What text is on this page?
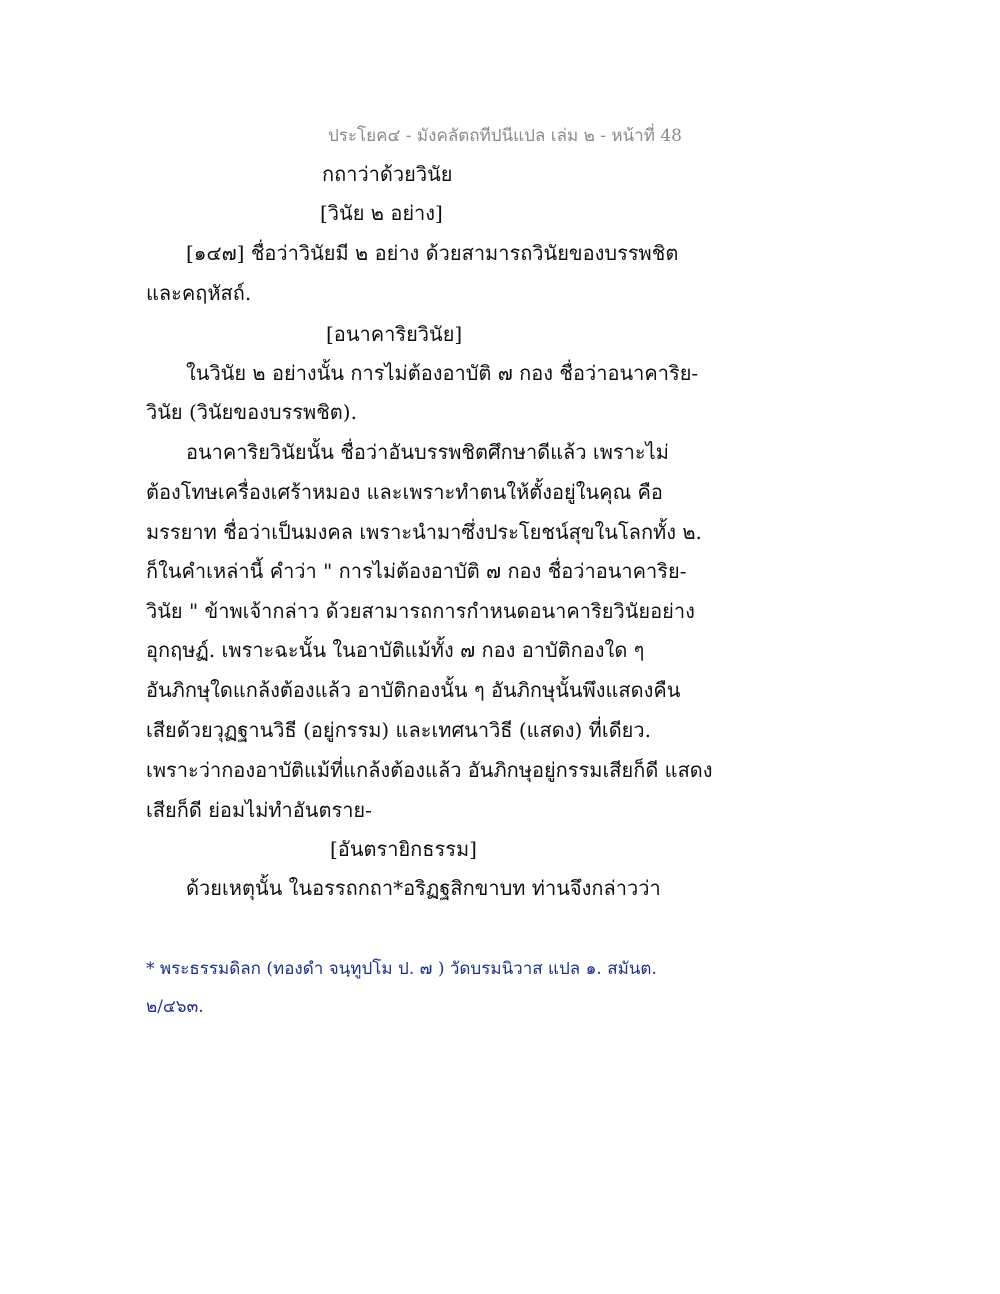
ประโยค๔ - มังคลัตถทีปนีแปล เล่ม ๒ - หน้าที่ 48
กถาว่าด้วยวินัย
[วินัย ๒ อย่าง]
[๑๔๗] ชื่อว่าวินัยมี ๒ อย่าง ด้วยสามารถวินัยของบรรพชิต
และคฤหัสถ์.
[อนาคาริยวินัย]
ในวินัย ๒ อย่างนั้น การไม่ต้องอาบัติ ๗ กอง ชื่อว่าอนาคาริย-
วินัย (วินัยของบรรพชิต).
อนาคาริยวินัยนั้น ชื่อว่าอันบรรพชิตศึกษาดีแล้ว เพราะไม่
ต้องโทษเครื่องเศร้าหมอง และเพราะทำตนให้ตั้งอยู่ในคุณ คือ
มรรยาท ชื่อว่าเป็นมงคล เพราะนำมาซึ่งประโยชน์สุขในโลกทั้ง ๒.
ก็ในคำเหล่านี้ คำว่า " การไม่ต้องอาบัติ ๗ กอง ชื่อว่าอนาคาริย-
วินัย " ข้าพเจ้ากล่าว ด้วยสามารถการกำหนดอนาคาริยวินัยอย่าง
อุกฤษฏ์. เพราะฉะนั้น ในอาบัติแม้ทั้ง ๗ กอง อาบัติกองใด ๆ
อันภิกษุใดแกล้งต้องแล้ว อาบัติกองนั้น ๆ อันภิกษุนั้นพึงแสดงคืน
เสียด้วยวุฏฐานวิธี (อยู่กรรม) และเทศนาวิธี (แสดง) ที่เดียว.
เพราะว่ากองอาบัติแม้ที่แกล้งต้องแล้ว อันภิกษุอยู่กรรมเสียก็ดี แสดง
เสียก็ดี ย่อมไม่ทำอันตราย-
[อันตรายิกธรรม]
ด้วยเหตุนั้น ในอรรถกถา*อริฏฐสิกขาบท ท่านจึงกล่าวว่า
* พระธรรมดิลก (ทองดำ จนฺทูปโม ป. ๗ ) วัดบรมนิวาส แปล ๑. สมันต.
๒/๔๖๓.
